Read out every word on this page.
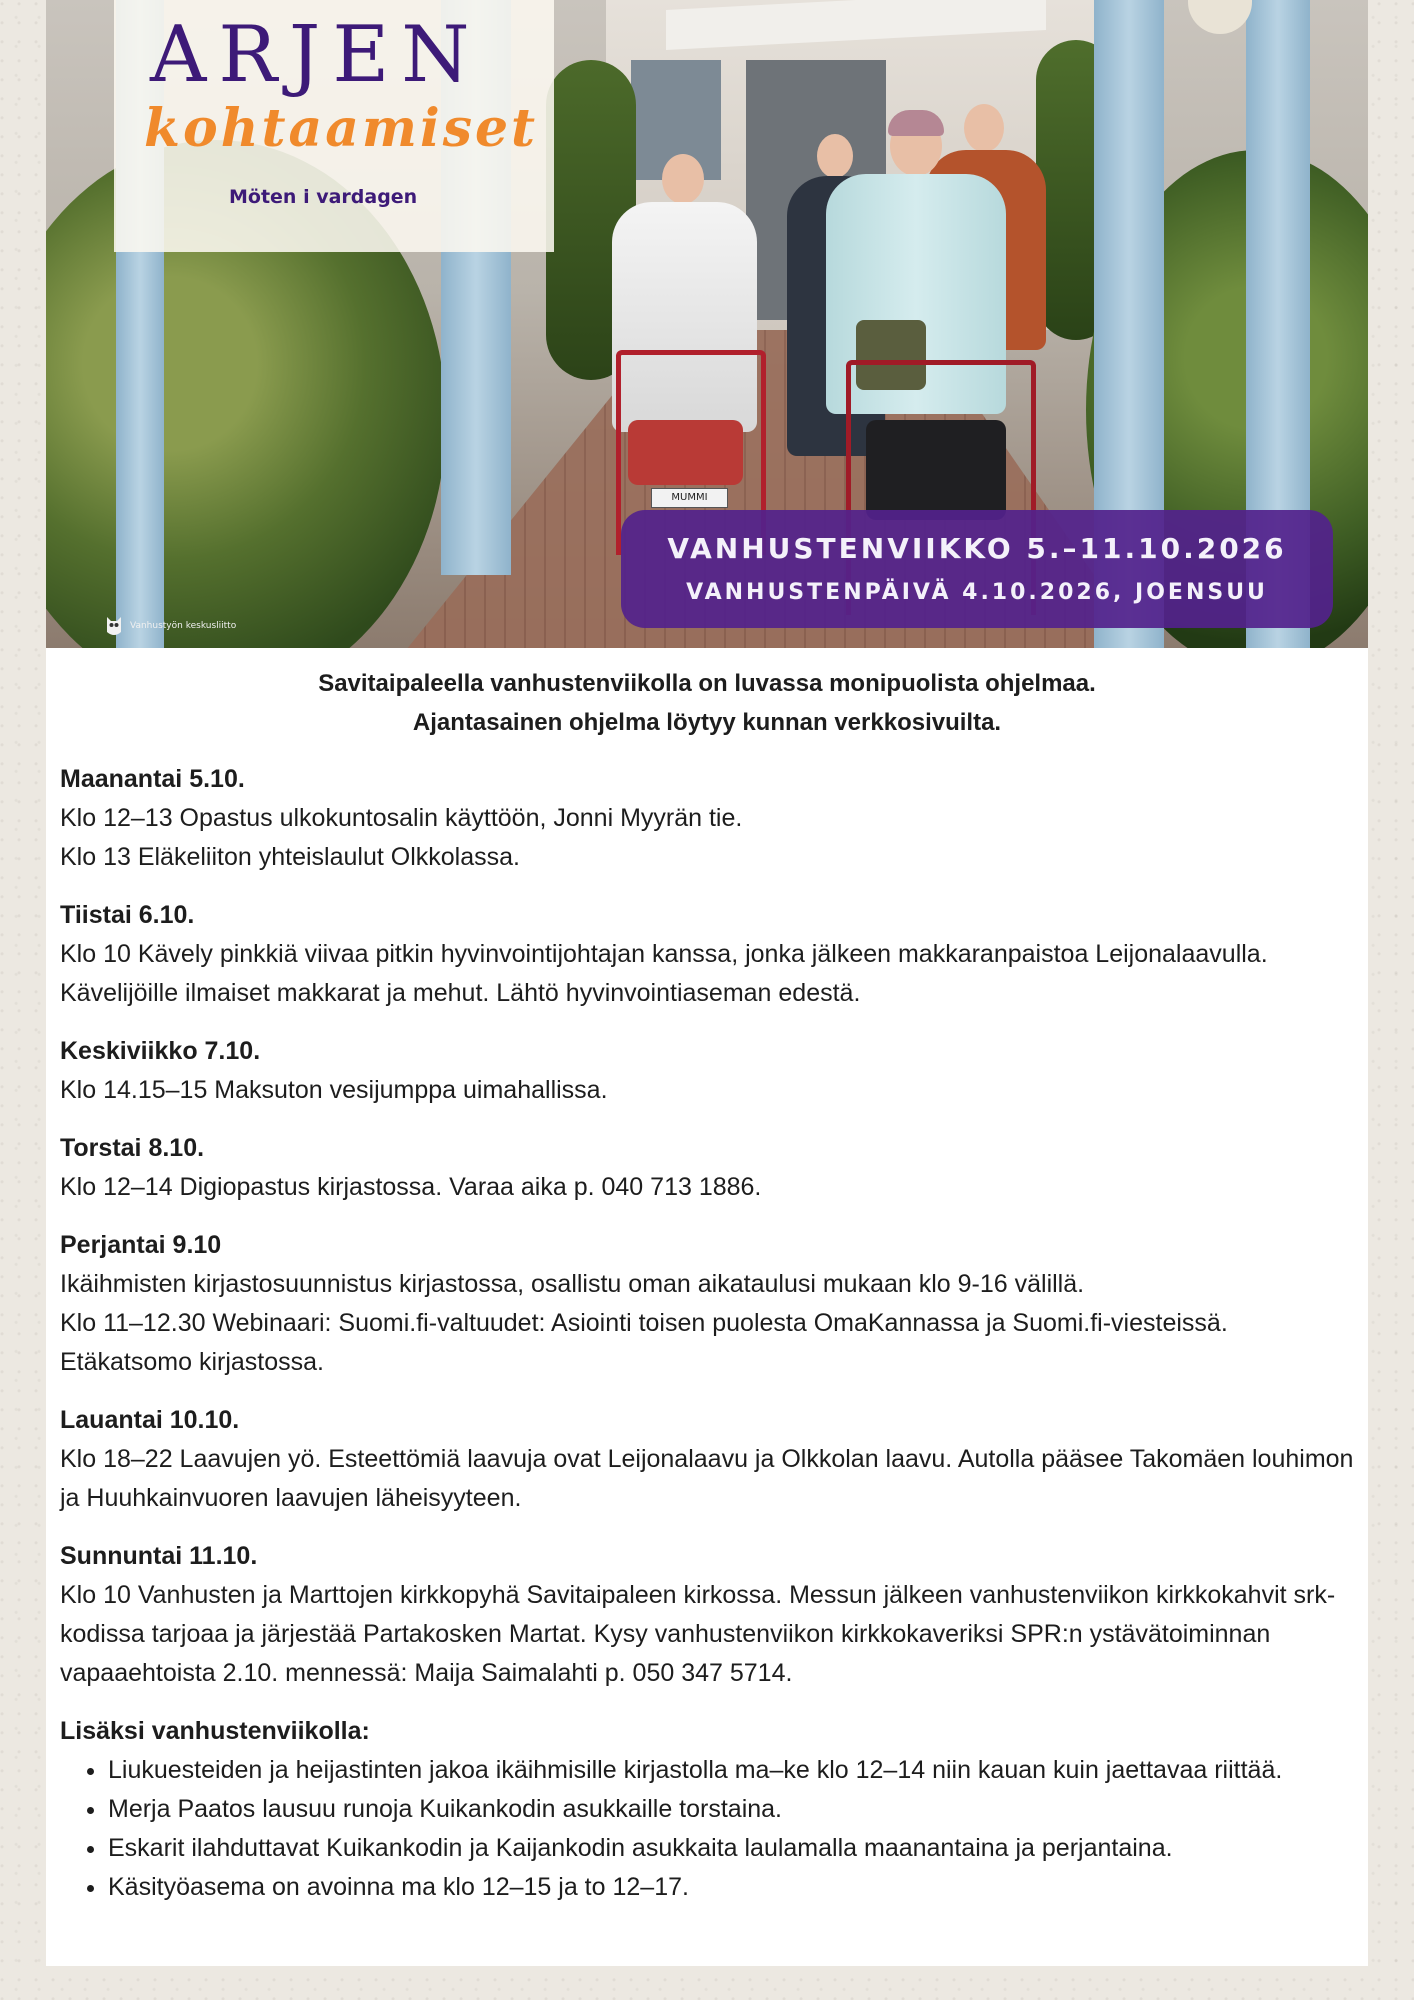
MUMMI
ARJEN
kohtaamiset
Möten i vardagen
VANHUSTENVIIKKO 5.–11.10.2026
VANHUSTENPÄIVÄ 4.10.2026, JOENSUU
Vanhustyön keskusliitto

Savitaipaleella vanhustenviikolla on luvassa monipuolista ohjelmaa.

Ajantasainen ohjelma löytyy kunnan verkkosivuilta.

Maanantai 5.10.

Klo 12–13 Opastus ulkokuntosalin käyttöön, Jonni Myyrän tie.

Klo 13 Eläkeliiton yhteislaulut Olkkolassa.

Tiistai 6.10.

Klo 10 Kävely pinkkiä viivaa pitkin hyvinvointijohtajan kanssa, jonka jälkeen makkaranpaistoa Leijonalaavulla. Kävelijöille ilmaiset makkarat ja mehut. Lähtö hyvinvointiaseman edestä.

Keskiviikko 7.10.

Klo 14.15–15 Maksuton vesijumppa uimahallissa.

Torstai 8.10.

Klo 12–14 Digiopastus kirjastossa. Varaa aika p. 040 713 1886.

Perjantai 9.10

Ikäihmisten kirjastosuunnistus kirjastossa, osallistu oman aikataulusi mukaan klo 9-16 välillä.

Klo 11–12.30 Webinaari: Suomi.fi-valtuudet: Asiointi toisen puolesta OmaKannassa ja Suomi.fi-viesteissä. Etäkatsomo kirjastossa.

Lauantai 10.10.

Klo 18–22 Laavujen yö. Esteettömiä laavuja ovat Leijonalaavu ja Olkkolan laavu. Autolla pääsee Takomäen louhimon ja Huuhkainvuoren laavujen läheisyyteen.

Sunnuntai 11.10.

Klo 10 Vanhusten ja Marttojen kirkkopyhä Savitaipaleen kirkossa. Messun jälkeen vanhustenviikon kirkkokahvit srk-kodissa tarjoaa ja järjestää Partakosken Martat. Kysy vanhustenviikon kirkkokaveriksi SPR:n ystävätoiminnan vapaaehtoista 2.10. mennessä: Maija Saimalahti p. 050 347 5714.

Lisäksi vanhustenviikolla:
• Liukuesteiden ja heijastinten jakoa ikäihmisille kirjastolla ma–ke klo 12–14 niin kauan kuin jaettavaa riittää.
• Merja Paatos lausuu runoja Kuikankodin asukkaille torstaina.
• Eskarit ilahduttavat Kuikankodin ja Kaijankodin asukkaita laulamalla maanantaina ja perjantaina.
• Käsityöasema on avoinna ma klo 12–15 ja to 12–17.
